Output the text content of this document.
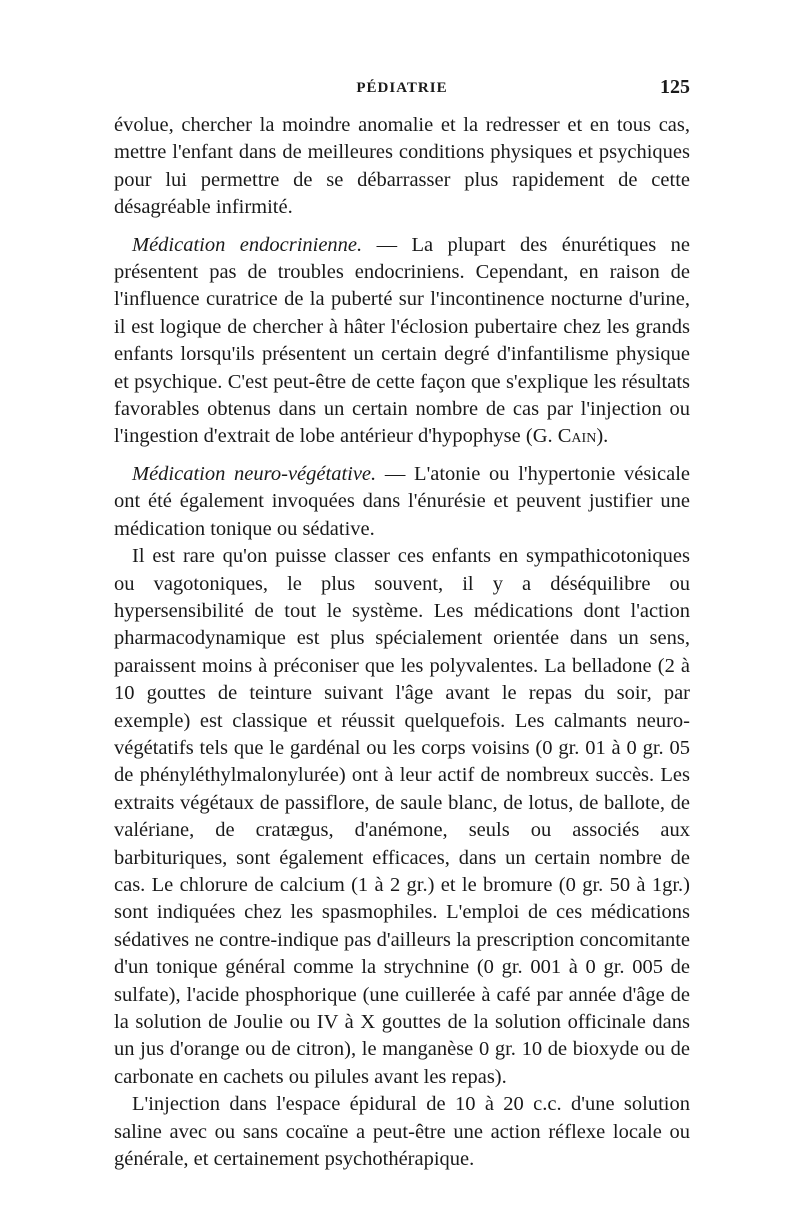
PÉDIATRIE	125

évolue, chercher la moindre anomalie et la redresser et en tous cas, mettre l'enfant dans de meilleures conditions physiques et psychiques pour lui permettre de se débarrasser plus rapidement de cette désagréable infirmité.

Médication endocrinienne. — La plupart des énurétiques ne présentent pas de troubles endocriniens. Cependant, en raison de l'influence curatrice de la puberté sur l'incontinence nocturne d'urine, il est logique de chercher à hâter l'éclosion pubertaire chez les grands enfants lorsqu'ils présentent un certain degré d'infantilisme physique et psychique. C'est peut-être de cette façon que s'explique les résultats favorables obtenus dans un certain nombre de cas par l'injection ou l'ingestion d'extrait de lobe antérieur d'hypophyse (G. Cain).

Médication neuro-végétative. — L'atonie ou l'hypertonie vésicale ont été également invoquées dans l'énurésie et peuvent justifier une médication tonique ou sédative.

Il est rare qu'on puisse classer ces enfants en sympathicotoniques ou vagotoniques, le plus souvent, il y a déséquilibre ou hypersensibilité de tout le système. Les médications dont l'action pharmacodynamique est plus spécialement orientée dans un sens, paraissent moins à préconiser que les polyvalentes. La belladone (2 à 10 gouttes de teinture suivant l'âge avant le repas du soir, par exemple) est classique et réussit quelquefois. Les calmants neuro-végétatifs tels que le gardénal ou les corps voisins (0 gr. 01 à 0 gr. 05 de phényléthylmalonylurée) ont à leur actif de nombreux succès. Les extraits végétaux de passiflore, de saule blanc, de lotus, de ballote, de valériane, de cratægus, d'anémone, seuls ou associés aux barbituriques, sont également efficaces, dans un certain nombre de cas. Le chlorure de calcium (1 à 2 gr.) et le bromure (0 gr. 50 à 1gr.) sont indiquées chez les spasmophiles. L'emploi de ces médications sédatives ne contre-indique pas d'ailleurs la prescription concomitante d'un tonique général comme la strychnine (0 gr. 001 à 0 gr. 005 de sulfate), l'acide phosphorique (une cuillerée à café par année d'âge de la solution de Joulie ou IV à X gouttes de la solution officinale dans un jus d'orange ou de citron), le manganèse 0 gr. 10 de bioxyde ou de carbonate en cachets ou pilules avant les repas).

L'injection dans l'espace épidural de 10 à 20 c.c. d'une solution saline avec ou sans cocaïne a peut-être une action réflexe locale ou générale, et certainement psychothérapique.
